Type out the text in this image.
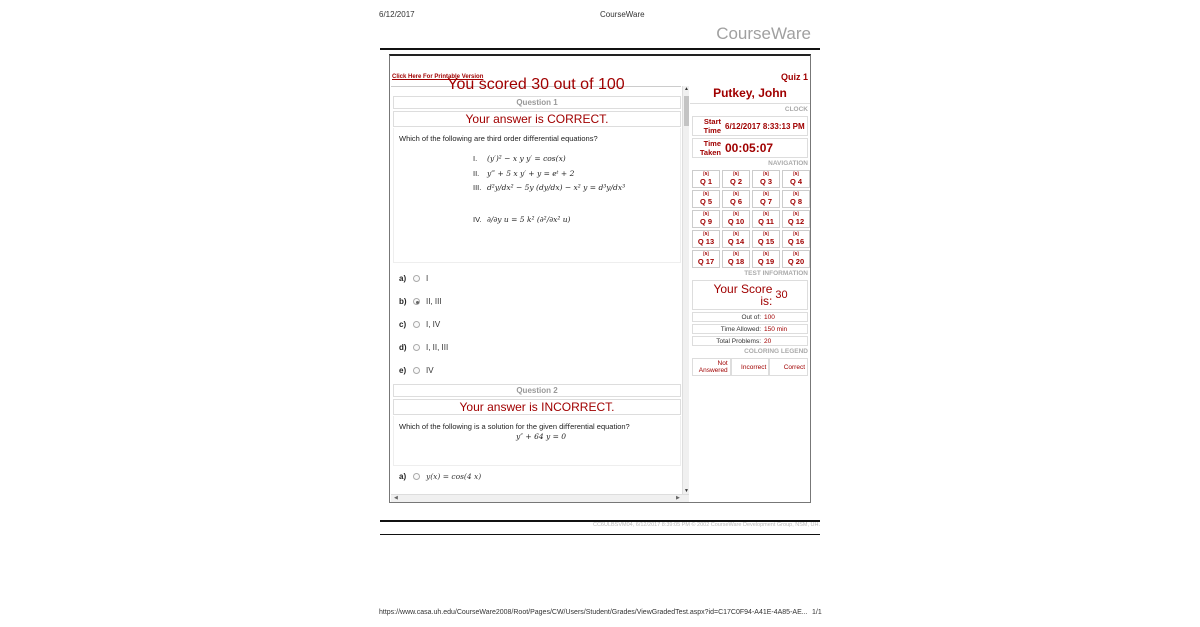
6/12/2017	CourseWare
CourseWare
Click Here For Printable Version	Quiz 1
You scored 30 out of 100
Question 1
Your answer is CORRECT.
Which of the following are third order diﬀerential equations?
I.	(y′)² − x y y′ = cos(x)
II.	y‴ + 5 x y′ + y = eᵗ + 2
III. d²y/dx² − 5y (dy/dx) − x² y = d³y/dx³
IV. ∂/∂y u = 5 k² (∂²/∂x² u)
a)	I
b)	II, III
c)	I, IV
d)	I, II, III
e)	IV
Question 2
Your answer is INCORRECT.
Which of the following is a solution for the given diﬀerential equation?
y″ + 64 y = 0
a)	y(x) = cos(4 x)
▲
▼
◀	▶
Putkey, John
CLOCK
Start Time 6/12/2017 8:33:13 PM
Time Taken 00:05:07
NAVIGATION
[5]
Q 1
[5]
Q 2
[5]
Q 3
[5]
Q 4
[5]
Q 5
[5]
Q 6
[5]
Q 7
[5]
Q 8
[5]
Q 9
[5]
Q 10
[5]
Q 11
[5]
Q 12
[5]
Q 13
[5]
Q 14
[5]
Q 15
[5]
Q 16
[5]
Q 17
[5]
Q 18
[5]
Q 19
[5]
Q 20
TEST INFORMATION
Your Score is: 30
Out of: 100
Time Allowed: 150 min
Total Problems: 20
COLORING LEGEND
Not Answered	Incorrect	Correct
CC6ULBSVM04, 6/12/2017 8:39:05 PM © 2002 CourseWare Development Group, NSM, UH.
https://www.casa.uh.edu/CourseWare2008/Root/Pages/CW/Users/Student/Grades/ViewGradedTest.aspx?id=C17C0F94-A41E-4A85-AE... 1/1
